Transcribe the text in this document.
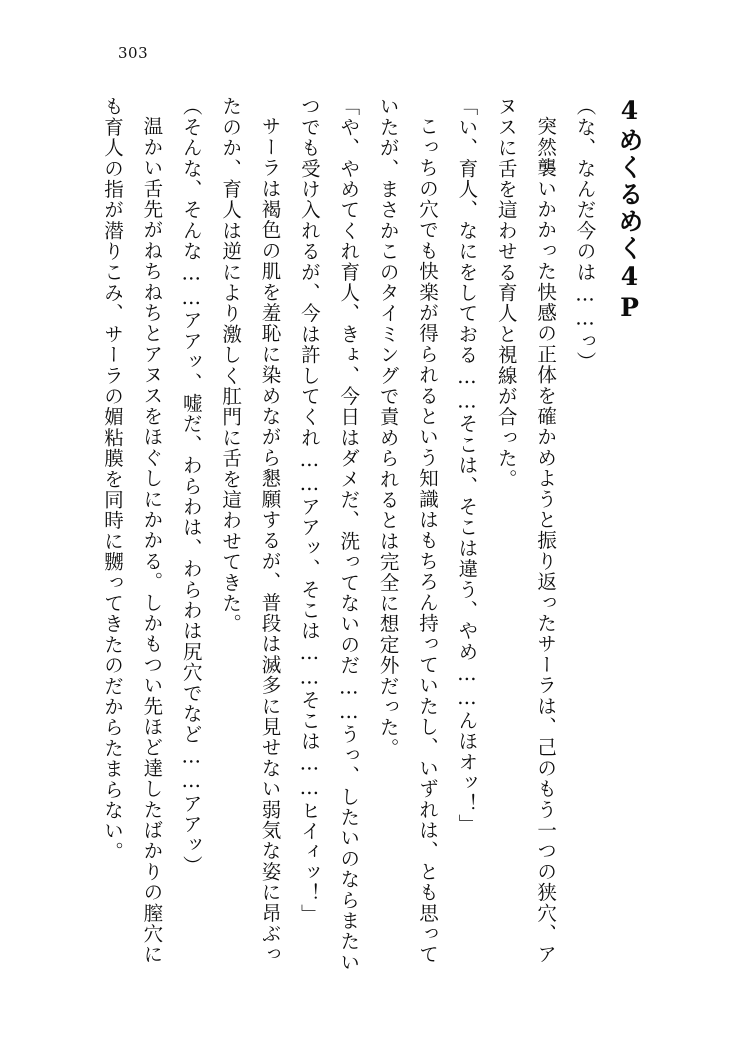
303
4めくるめく4P

（な、なんだ今のは……っ）

突然襲いかかった快感の正体を確かめようと振り返ったサーラは、己のもう一つの狭穴、アヌスに舌を這わせる育人と視線が合った。

「い、育人、なにをしておる……そこは、そこは違う、やめ……んほオッ！」

こっちの穴でも快楽が得られるという知識はもちろん持っていたし、いずれは、とも思っていたが、まさかこのタイミングで責められるとは完全に想定外だった。

「や、やめてくれ育人、きょ、今日はダメだ、洗ってないのだ……うっ、したいのならまたいつでも受け入れるが、今は許してくれ……アアッ、そこは……そこは……ヒイィッ！」

サーラは褐色の肌を羞恥に染めながら懇願するが、普段は滅多に見せない弱気な姿に昂ぶったのか、育人は逆により激しく肛門に舌を這わせてきた。

（そんな、そんな……アアッ、嘘だ、わらわは、わらわは尻穴でなど……アアッ）

温かい舌先がねちねちとアヌスをほぐしにかかる。しかもつい先ほど達したばかりの膣穴にも育人の指が潜りこみ、サーラの媚粘膜を同時に嬲ってきたのだからたまらない。
